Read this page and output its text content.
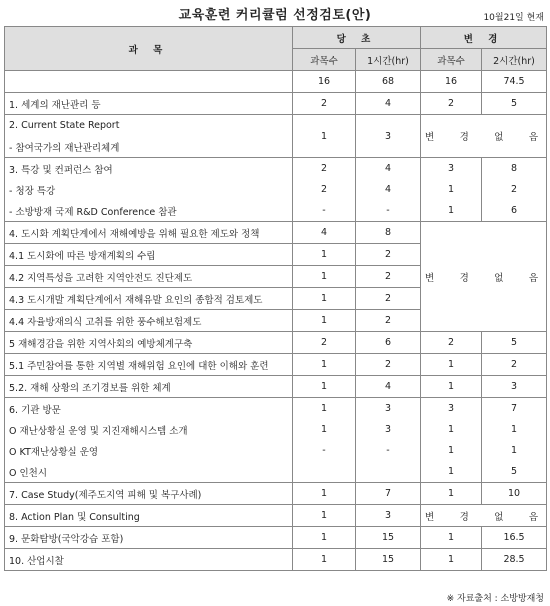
교육훈련 커리큘럼 선정검토(안)	10월21일 현재
과 목	당 초		변 경	
	과목수	1시간(hr)	과목수	2시간(hr)
	16	68	16	74.5
1. 세계의 재난관리 등	2	4	2	5
2. Current State Report	1	3	변 경 없 음	
- 참여국가의 재난관리체계				
3. 특강 및 컨퍼런스 참여	2	4	3	8
- 청장 특강	2	4	1	2
- 소방방재 국제 R&D Conference 참관	-	-	1	6
4. 도시화 계획단계에서 재해예방을 위해 필요한 제도와 정책	4	8	변 경 없 음	
4.1 도시화에 따른 방재계획의 수립	1	2		
4.2 지역특성을 고려한 지역안전도 진단제도	1	2		
4.3 도시개발 계획단계에서 재해유발 요인의 종합적 검토제도	1	2		
4.4 자율방재의식 고취를 위한 풍수해보험제도	1	2		
5 재해경감을 위한 지역사회의 예방체계구축	2	6	2	5
5.1 주민참여를 통한 지역별 재해위험 요인에 대한 이해와 훈련	1	2	1	2
5.2. 재해 상황의 조기경보를 위한 체계	1	4	1	3
6. 기관 방문	1	3	3	7
O 재난상황실 운영 및 지진재해시스템 소개	1	3	1	1
O KT재난상황실 운영	-	-	1	1
O 인천시			1	5
7. Case Study(제주도지역 피해 및 복구사례)	1	7	1	10
8. Action Plan 및 Consulting	1	3	변 경 없 음	
9. 문화탐방(국악강습 포함)	1	15	1	16.5
10. 산업시찰	1	15	1	28.5
※ 자료출처 : 소방방재청
